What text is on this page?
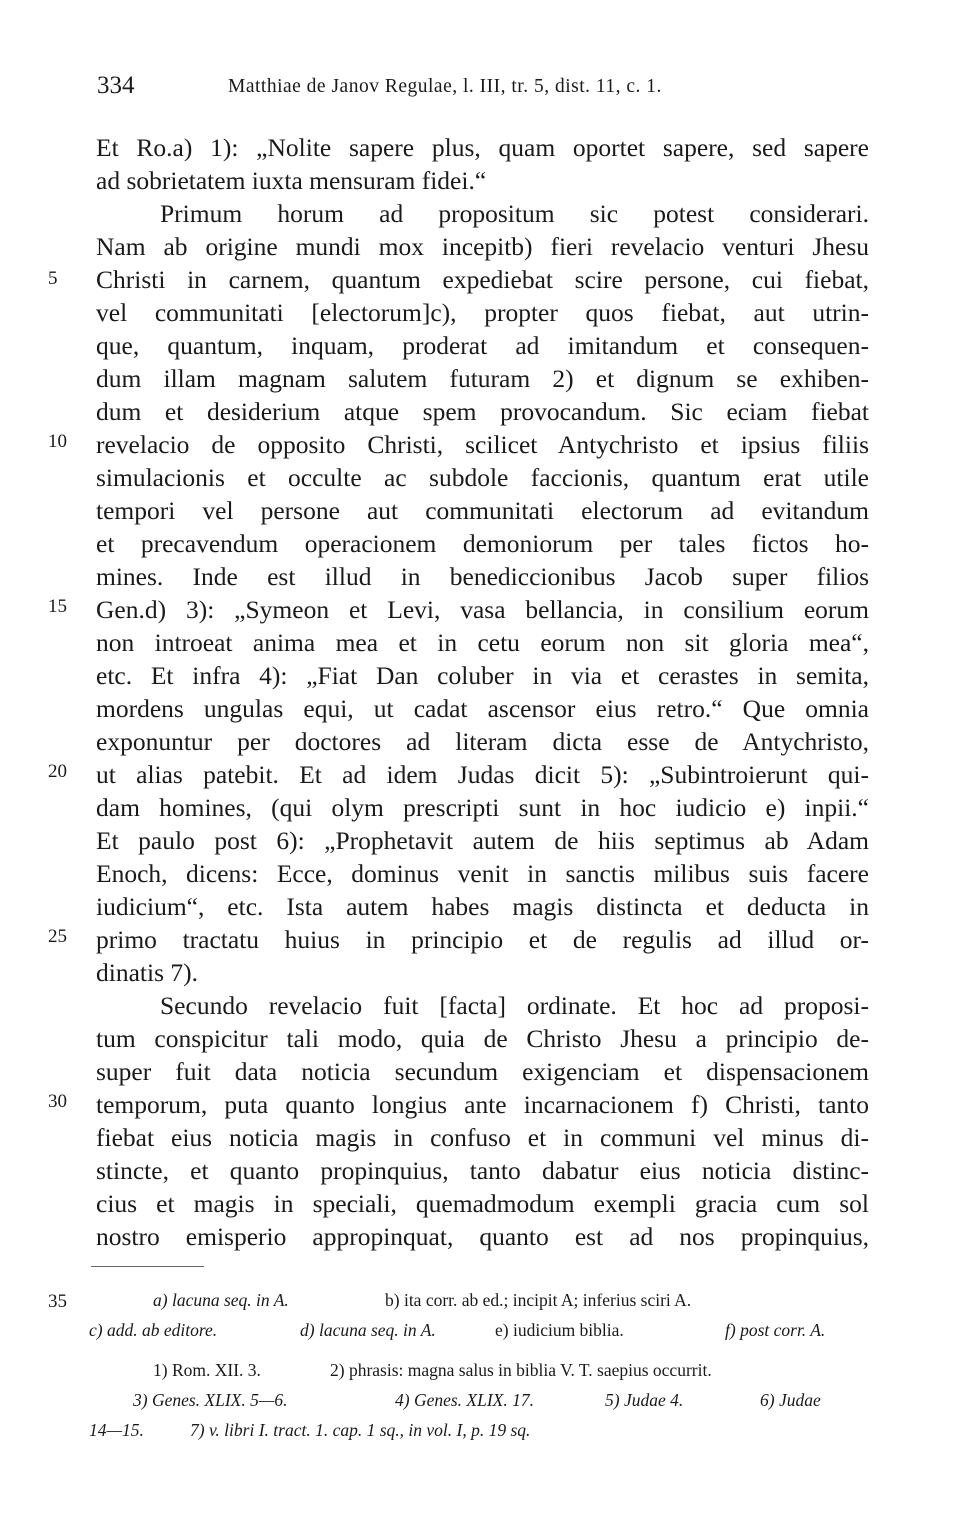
334	Matthiae de Janov Regulae, l. III, tr. 5, dist. 11, c. 1.
Et Ro.a) 1): „Nolite sapere plus, quam oportet sapere, sed sapere
ad sobrietatem iuxta mensuram fidei.“
Primum horum ad propositum sic potest considerari.
Nam ab origine mundi mox incepitb) fieri revelacio venturi Jhesu
Christi in carnem, quantum expediebat scire persone, cui fiebat,
vel communitati [electorum]c), propter quos fiebat, aut utrin-
que, quantum, inquam, proderat ad imitandum et consequen-
dum illam magnam salutem futuram 2) et dignum se exhiben-
dum et desiderium atque spem provocandum. Sic eciam fiebat
revelacio de opposito Christi, scilicet Antychristo et ipsius filiis
simulacionis et occulte ac subdole faccionis, quantum erat utile
tempori vel persone aut communitati electorum ad evitandum
et precavendum operacionem demoniorum per tales fictos ho-
mines. Inde est illud in benediccionibus Jacob super filios
Gen.d) 3): „Symeon et Levi, vasa bellancia, in consilium eorum
non introeat anima mea et in cetu eorum non sit gloria mea“,
etc. Et infra 4): „Fiat Dan coluber in via et cerastes in semita,
mordens ungulas equi, ut cadat ascensor eius retro.“ Que omnia
exponuntur per doctores ad literam dicta esse de Antychristo,
ut alias patebit. Et ad idem Judas dicit 5): „Subintroierunt qui-
dam homines, (qui olym prescripti sunt in hoc iudicio e) inpii.“
Et paulo post 6): „Prophetavit autem de hiis septimus ab Adam
Enoch, dicens: Ecce, dominus venit in sanctis milibus suis facere
iudicium“, etc. Ista autem habes magis distincta et deducta in
primo tractatu huius in principio et de regulis ad illud or-
dinatis 7).
Secundo revelacio fuit [facta] ordinate. Et hoc ad proposi-
tum conspicitur tali modo, quia de Christo Jhesu a principio de-
super fuit data noticia secundum exigenciam et dispensacionem
temporum, puta quanto longius ante incarnacionem f) Christi, tanto
fiebat eius noticia magis in confuso et in communi vel minus di-
stincte, et quanto propinquius, tanto dabatur eius noticia distinc-
cius et magis in speciali, quemadmodum exempli gracia cum sol
nostro emisperio appropinquat, quanto est ad nos propinquius,
5
10
15
20
25
30
35	a) lacuna seq. in A.	b) ita corr. ab ed.; incipit A; inferius sciri A.
c) add. ab editore.	d) lacuna seq. in A.	e) iudicium biblia.	f) post corr. A.
1) Rom. XII. 3.	2) phrasis: magna salus in biblia V. T. saepius occurrit.
3) Genes. XLIX. 5—6.	4) Genes. XLIX. 17.	5) Judae 4.	6) Judae
14—15.	7) v. libri I. tract. 1. cap. 1 sq., in vol. I, p. 19 sq.
